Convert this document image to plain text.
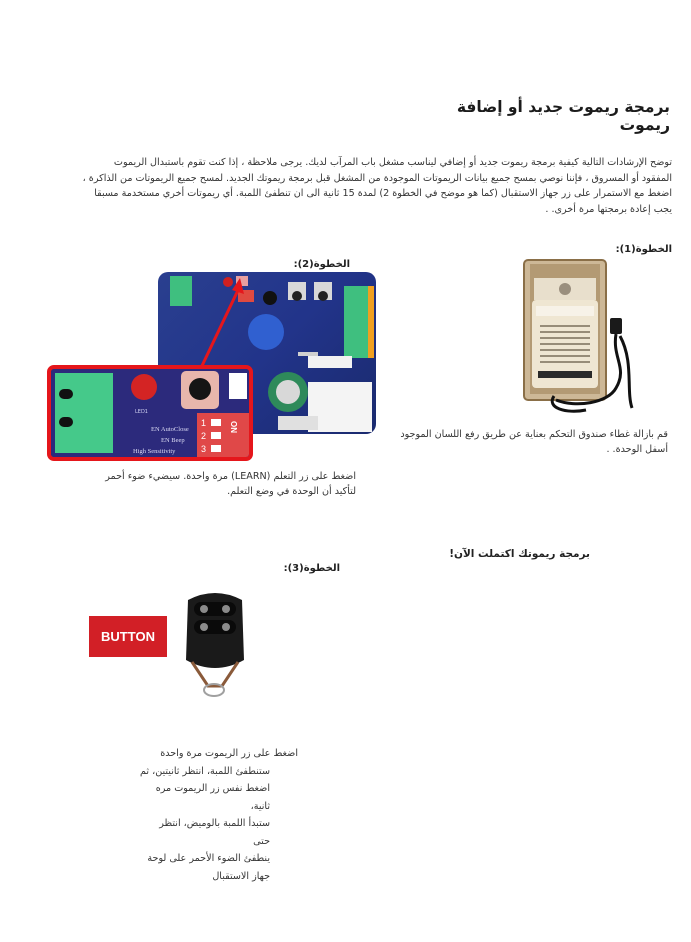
برمجة ريموت جديد أو إضافة ريموت

توضح الإرشادات التالية كيفية برمجة ريموت جديد أو إضافي ليناسب مشغل باب المرآب لديك. يرجى ملاحظة ، إذا كنت تقوم باستبدال الريموت

المفقود أو المسروق ، فإننا نوصي بمسح جميع بيانات الريموتات الموجودة من المشغل قبل برمجة ريموتك الجديد. لمسح جميع الريموتات من الذاكرة ،

اضغط مع الاستمرار على زر جهاز الاستقبال (كما هو موضح في الخطوة 2) لمدة 15 ثانية الى ان تنطفئ اللمبة. أي ريموتات أخري مستخدمة مسبقا

يجب إعادة برمجتها مرة أخرى. .

الخطوة(1):
قم بازالة غطاء صندوق التحكم بعناية عن طريق رفع اللسان الموجود
أسفل الوحدة. .
الخطوة(2):
LED1
EN AutoClose
EN Beep
High Sensitivity
1
2
3
ON
اضغط على زر التعلم (LEARN) مرة واحدة. سيضيء ضوء أحمر
لتأكيد أن الوحدة في وضع التعلم.
برمجة ريموتك اكتملت الآن!
الخطوة(3):
BUTTON
اضغط على زر الريموت مرة واحدة
ستنطفئ اللمبة، انتظر ثانيتين، ثم
اضغط نفس زر الريموت مره ثانية،
ستبدأ اللمبة بالوميض، انتظر حتى
ينطفئ الضوء الأحمر على لوحة
جهاز الاستقبال
